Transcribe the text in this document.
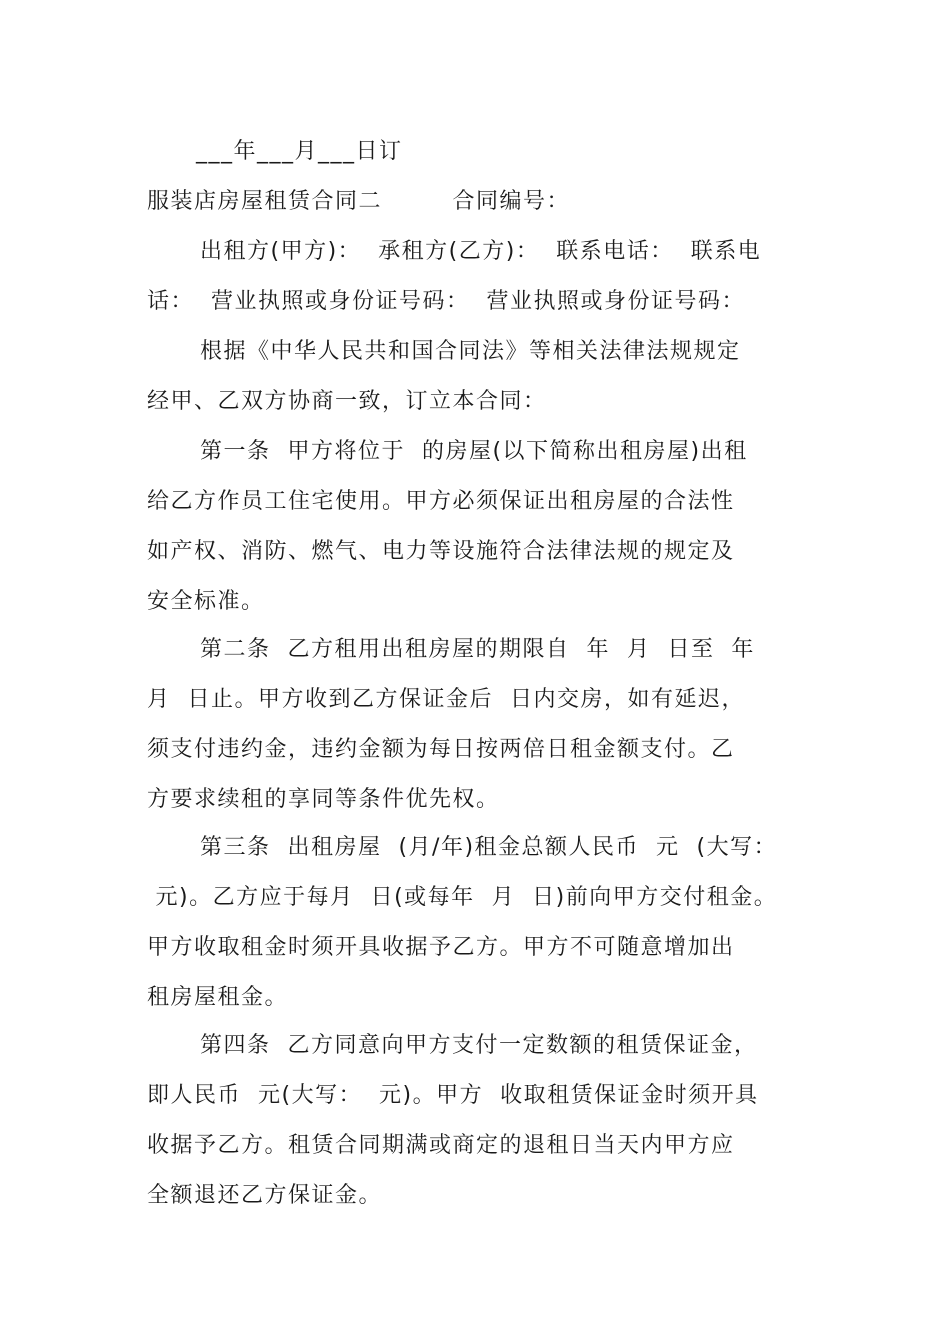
___年___月___日订
服装店房屋租赁合同二　　　合同编号：
出租方(甲方)：  承租方(乙方)：  联系电话：  联系电
话：  营业执照或身份证号码：  营业执照或身份证号码：
根据《中华人民共和国合同法》等相关法律法规规定
经甲、乙双方协商一致，订立本合同：
第一条  甲方将位于  的房屋(以下简称出租房屋)出租
给乙方作员工住宅使用。甲方必须保证出租房屋的合法性
如产权、消防、燃气、电力等设施符合法律法规的规定及
安全标准。
第二条  乙方租用出租房屋的期限自  年  月  日至  年
月  日止。甲方收到乙方保证金后  日内交房，如有延迟，
须支付违约金，违约金额为每日按两倍日租金额支付。乙
方要求续租的享同等条件优先权。
第三条  出租房屋  (月/年)租金总额人民币  元  (大写：
元)。乙方应于每月  日(或每年  月  日)前向甲方交付租金。
甲方收取租金时须开具收据予乙方。甲方不可随意增加出
租房屋租金。
第四条  乙方同意向甲方支付一定数额的租赁保证金，
即人民币  元(大写：  元)。甲方  收取租赁保证金时须开具
收据予乙方。租赁合同期满或商定的退租日当天内甲方应
全额退还乙方保证金。
